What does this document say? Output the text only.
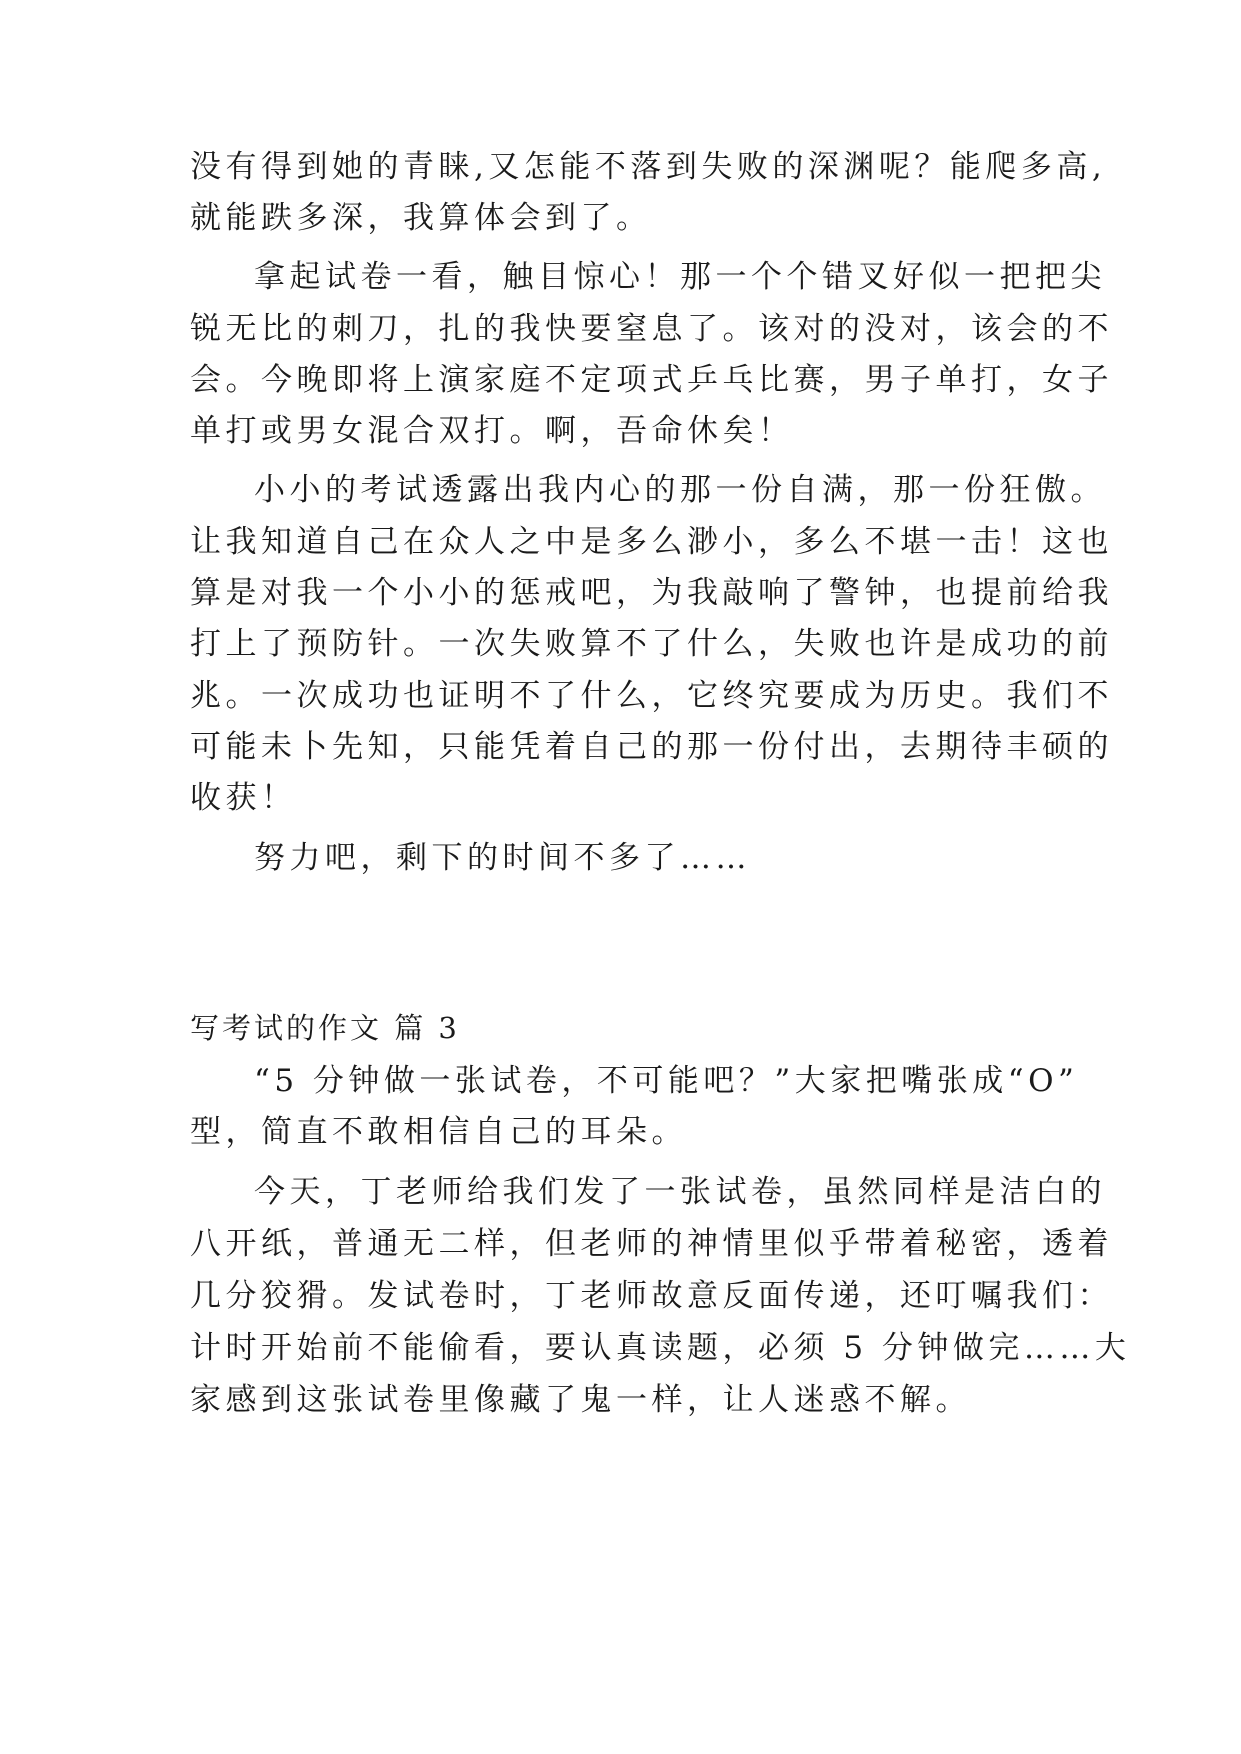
没有得到她的青睐,又怎能不落到失败的深渊呢？能爬多高,
就能跌多深，我算体会到了。
拿起试卷一看，触目惊心！那一个个错叉好似一把把尖
锐无比的刺刀，扎的我快要窒息了。该对的没对，该会的不
会。今晚即将上演家庭不定项式乒乓比赛，男子单打，女子
单打或男女混合双打。啊，吾命休矣！
小小的考试透露出我内心的那一份自满，那一份狂傲。
让我知道自己在众人之中是多么渺小，多么不堪一击！这也
算是对我一个小小的惩戒吧，为我敲响了警钟，也提前给我
打上了预防针。一次失败算不了什么，失败也许是成功的前
兆。一次成功也证明不了什么，它终究要成为历史。我们不
可能未卜先知，只能凭着自己的那一份付出，去期待丰硕的
收获！
努力吧，剩下的时间不多了……
写考试的作文 篇 3
“5 分钟做一张试卷，不可能吧？”大家把嘴张成“O”
型，简直不敢相信自己的耳朵。
今天，丁老师给我们发了一张试卷，虽然同样是洁白的
八开纸，普通无二样，但老师的神情里似乎带着秘密，透着
几分狡猾。发试卷时，丁老师故意反面传递，还叮嘱我们：
计时开始前不能偷看，要认真读题，必须 5 分钟做完……大
家感到这张试卷里像藏了鬼一样，让人迷惑不解。
